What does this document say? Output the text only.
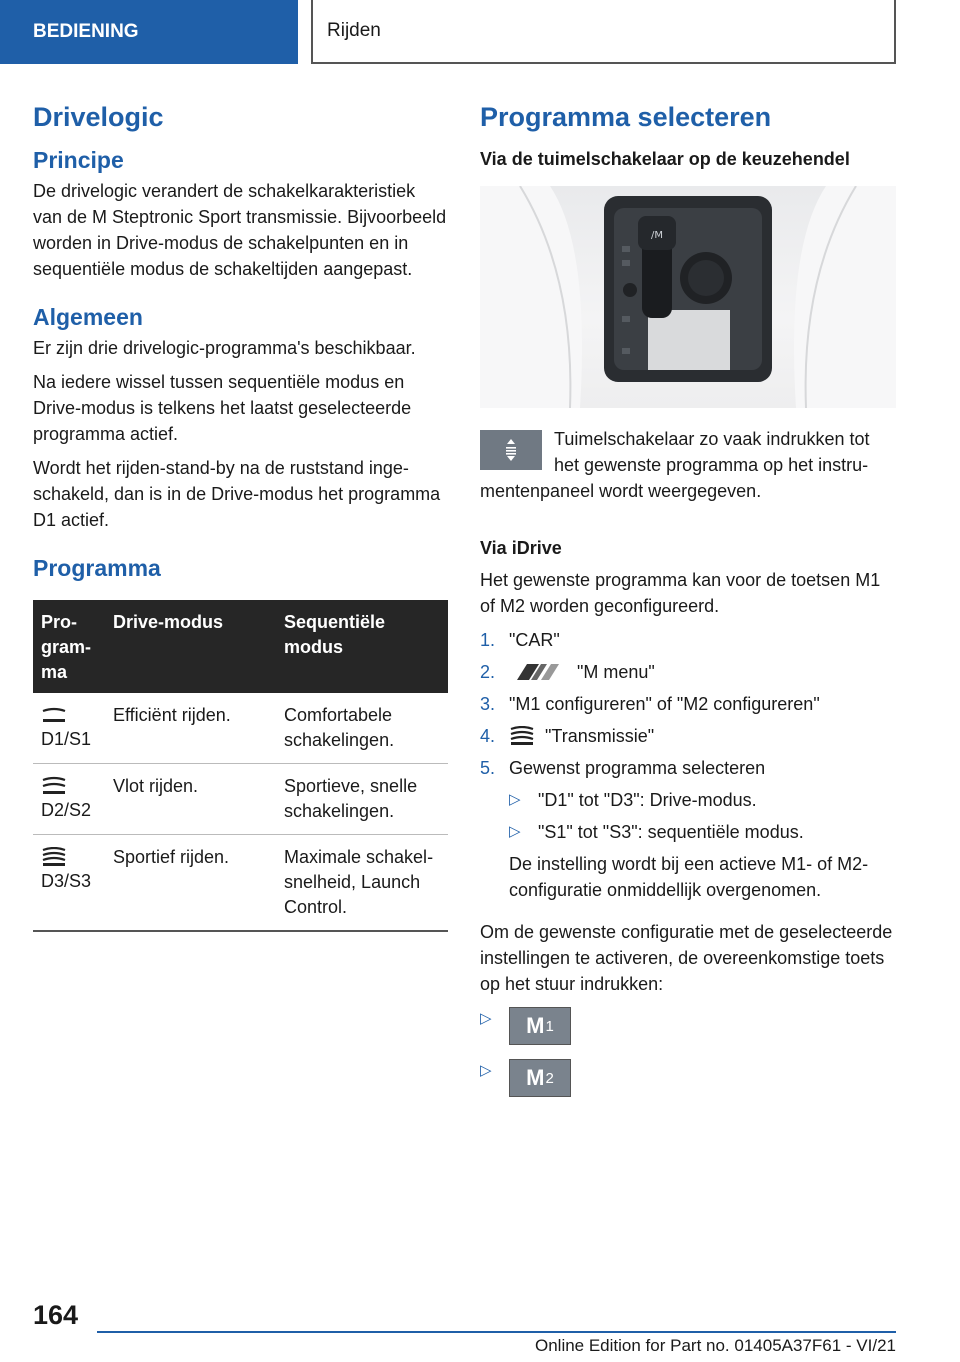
BEDIENING	Rijden
Drivelogic
Principe

De drivelogic verandert de schakelkarakteristiek van de M Steptronic Sport transmissie. Bijvoorbeeld worden in Drive-modus de schakelpunten en in sequentiële modus de schakeltijden aangepast.

Algemeen

Er zijn drie drivelogic-programma's beschikbaar.

Na iedere wissel tussen sequentiële modus en Drive-modus is telkens het laatst geselecteerde programma actief.

Wordt het rijden-stand-by na de ruststand ingeschakeld, dan is in de Drive-modus het programma D1 actief.

Programma
Programma	Drive-modus	Sequentiële modus

D1/S1	Efficiënt rijden.	Comfortabele schakelingen.

D2/S2	Vlot rijden.	Sportieve, snelle schakelingen.

D3/S3	Sportief rijden.	Maximale schakelsnelheid, Launch Control.
Programma selecteren
Via de tuimelschakelaar op de keuzehendel
/M

Tuimelschakelaar zo vaak indrukken tot het gewenste programma op het instrumentenpaneel wordt weergegeven.

Via iDrive

Het gewenste programma kan voor de toetsen M1 of M2 worden geconfigureerd.

1. "CAR"
2.	"M menu"
3. "M1 configureren" of "M2 configureren"
4.	"Transmissie"
5. Gewenst programma selecteren
▷ "D1" tot "D3": Drive-modus.
▷ "S1" tot "S3": sequentiële modus.

De instelling wordt bij een actieve M1- of M2-configuratie onmiddellijk overgenomen.

Om de gewenste configuratie met de geselecteerde instellingen te activeren, de overeenkomstige toets op het stuur indrukken:

▷	M 1
▷	M 2
164
Online Edition for Part no. 01405A37F61 - VI/21
